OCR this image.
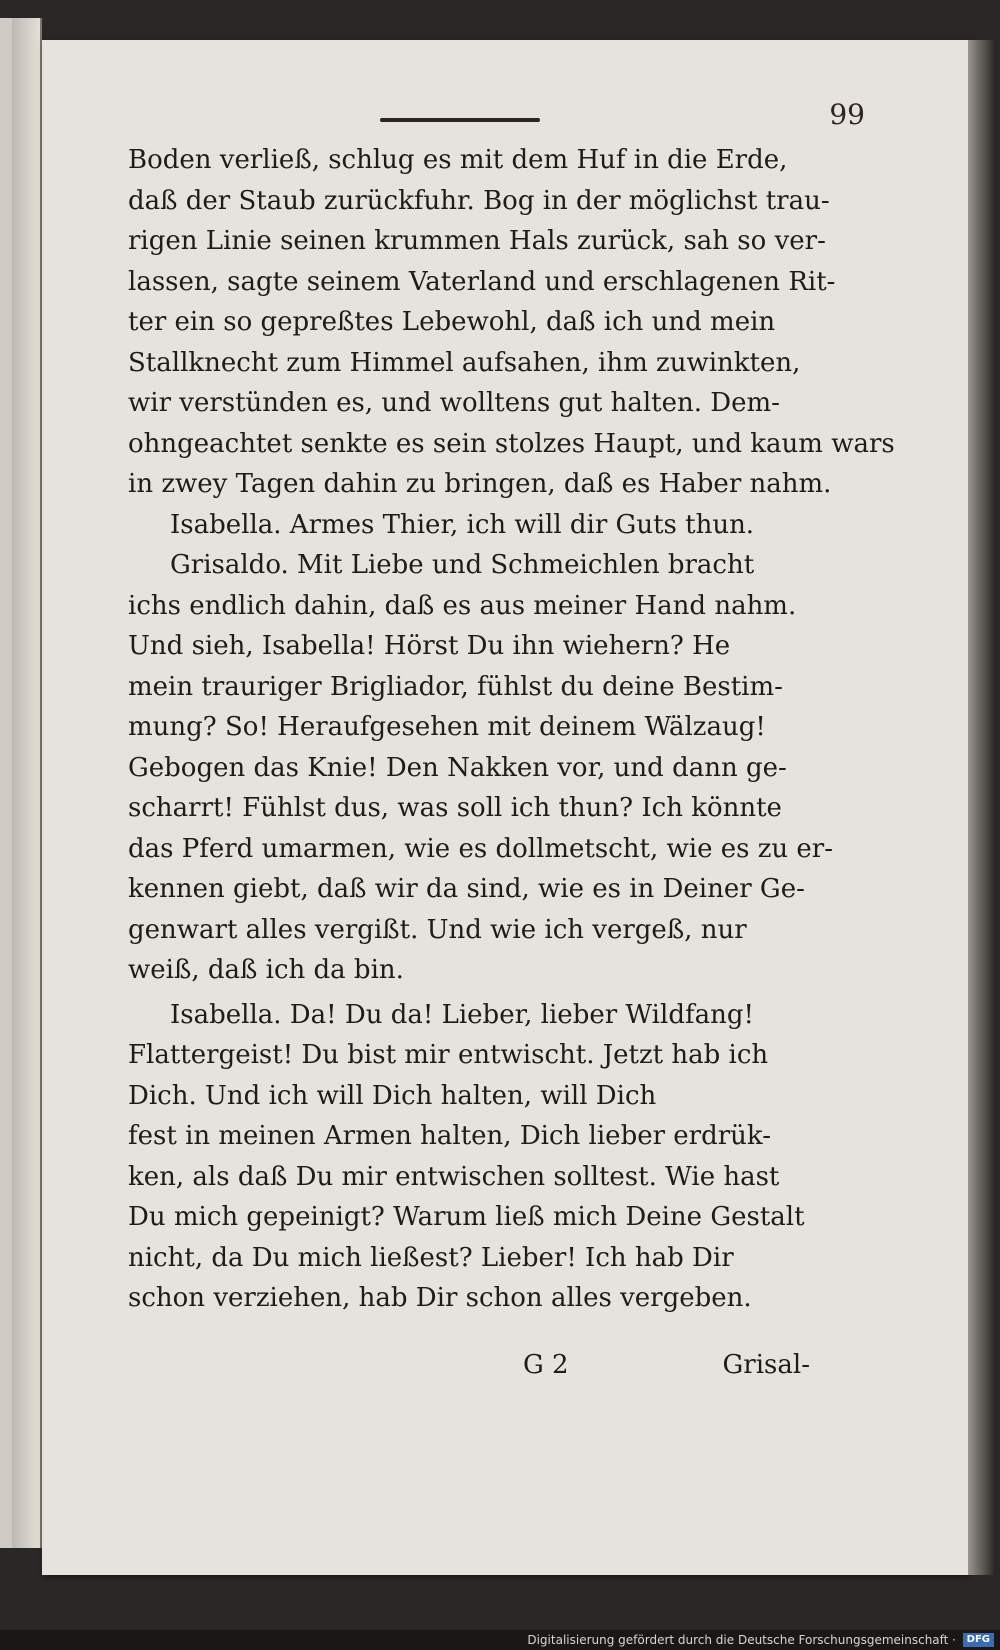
99
Boden verließ, schlug es mit dem Huf in die Erde,
daß der Staub zurückfuhr. Bog in der möglichst trau-
rigen Linie seinen krummen Hals zurück, sah so ver-
lassen, sagte seinem Vaterland und erschlagenen Rit-
ter ein so gepreßtes Lebewohl, daß ich und mein
Stallknecht zum Himmel aufsahen, ihm zuwinkten,
wir verstünden es, und wolltens gut halten. Dem-
ohngeachtet senkte es sein stolzes Haupt, und kaum wars
in zwey Tagen dahin zu bringen, daß es Haber nahm.
Isabella. Armes Thier, ich will dir Guts thun.
Grisaldo. Mit Liebe und Schmeichlen bracht
ichs endlich dahin, daß es aus meiner Hand nahm.
Und sieh, Isabella! Hörst Du ihn wiehern? He
mein trauriger Brigliador, fühlst du deine Bestim-
mung? So! Heraufgesehen mit deinem Wälzaug!
Gebogen das Knie! Den Nakken vor, und dann ge-
scharrt! Fühlst dus, was soll ich thun? Ich könnte
das Pferd umarmen, wie es dollmetscht, wie es zu er-
kennen giebt, daß wir da sind, wie es in Deiner Ge-
genwart alles vergißt. Und wie ich vergeß, nur
weiß, daß ich da bin.
Isabella. Da! Du da! Lieber, lieber Wildfang!
Flattergeist! Du bist mir entwischt. Jetzt hab ich
Dich. Und ich will Dich halten, will Dich
fest in meinen Armen halten, Dich lieber erdrük-
ken, als daß Du mir entwischen solltest. Wie hast
Du mich gepeinigt? Warum ließ mich Deine Gestalt
nicht, da Du mich ließest? Lieber! Ich hab Dir
schon verziehen, hab Dir schon alles vergeben.
G 2	Grisal-
Digitalisierung gefördert durch die Deutsche Forschungsgemeinschaft ·	DFG
